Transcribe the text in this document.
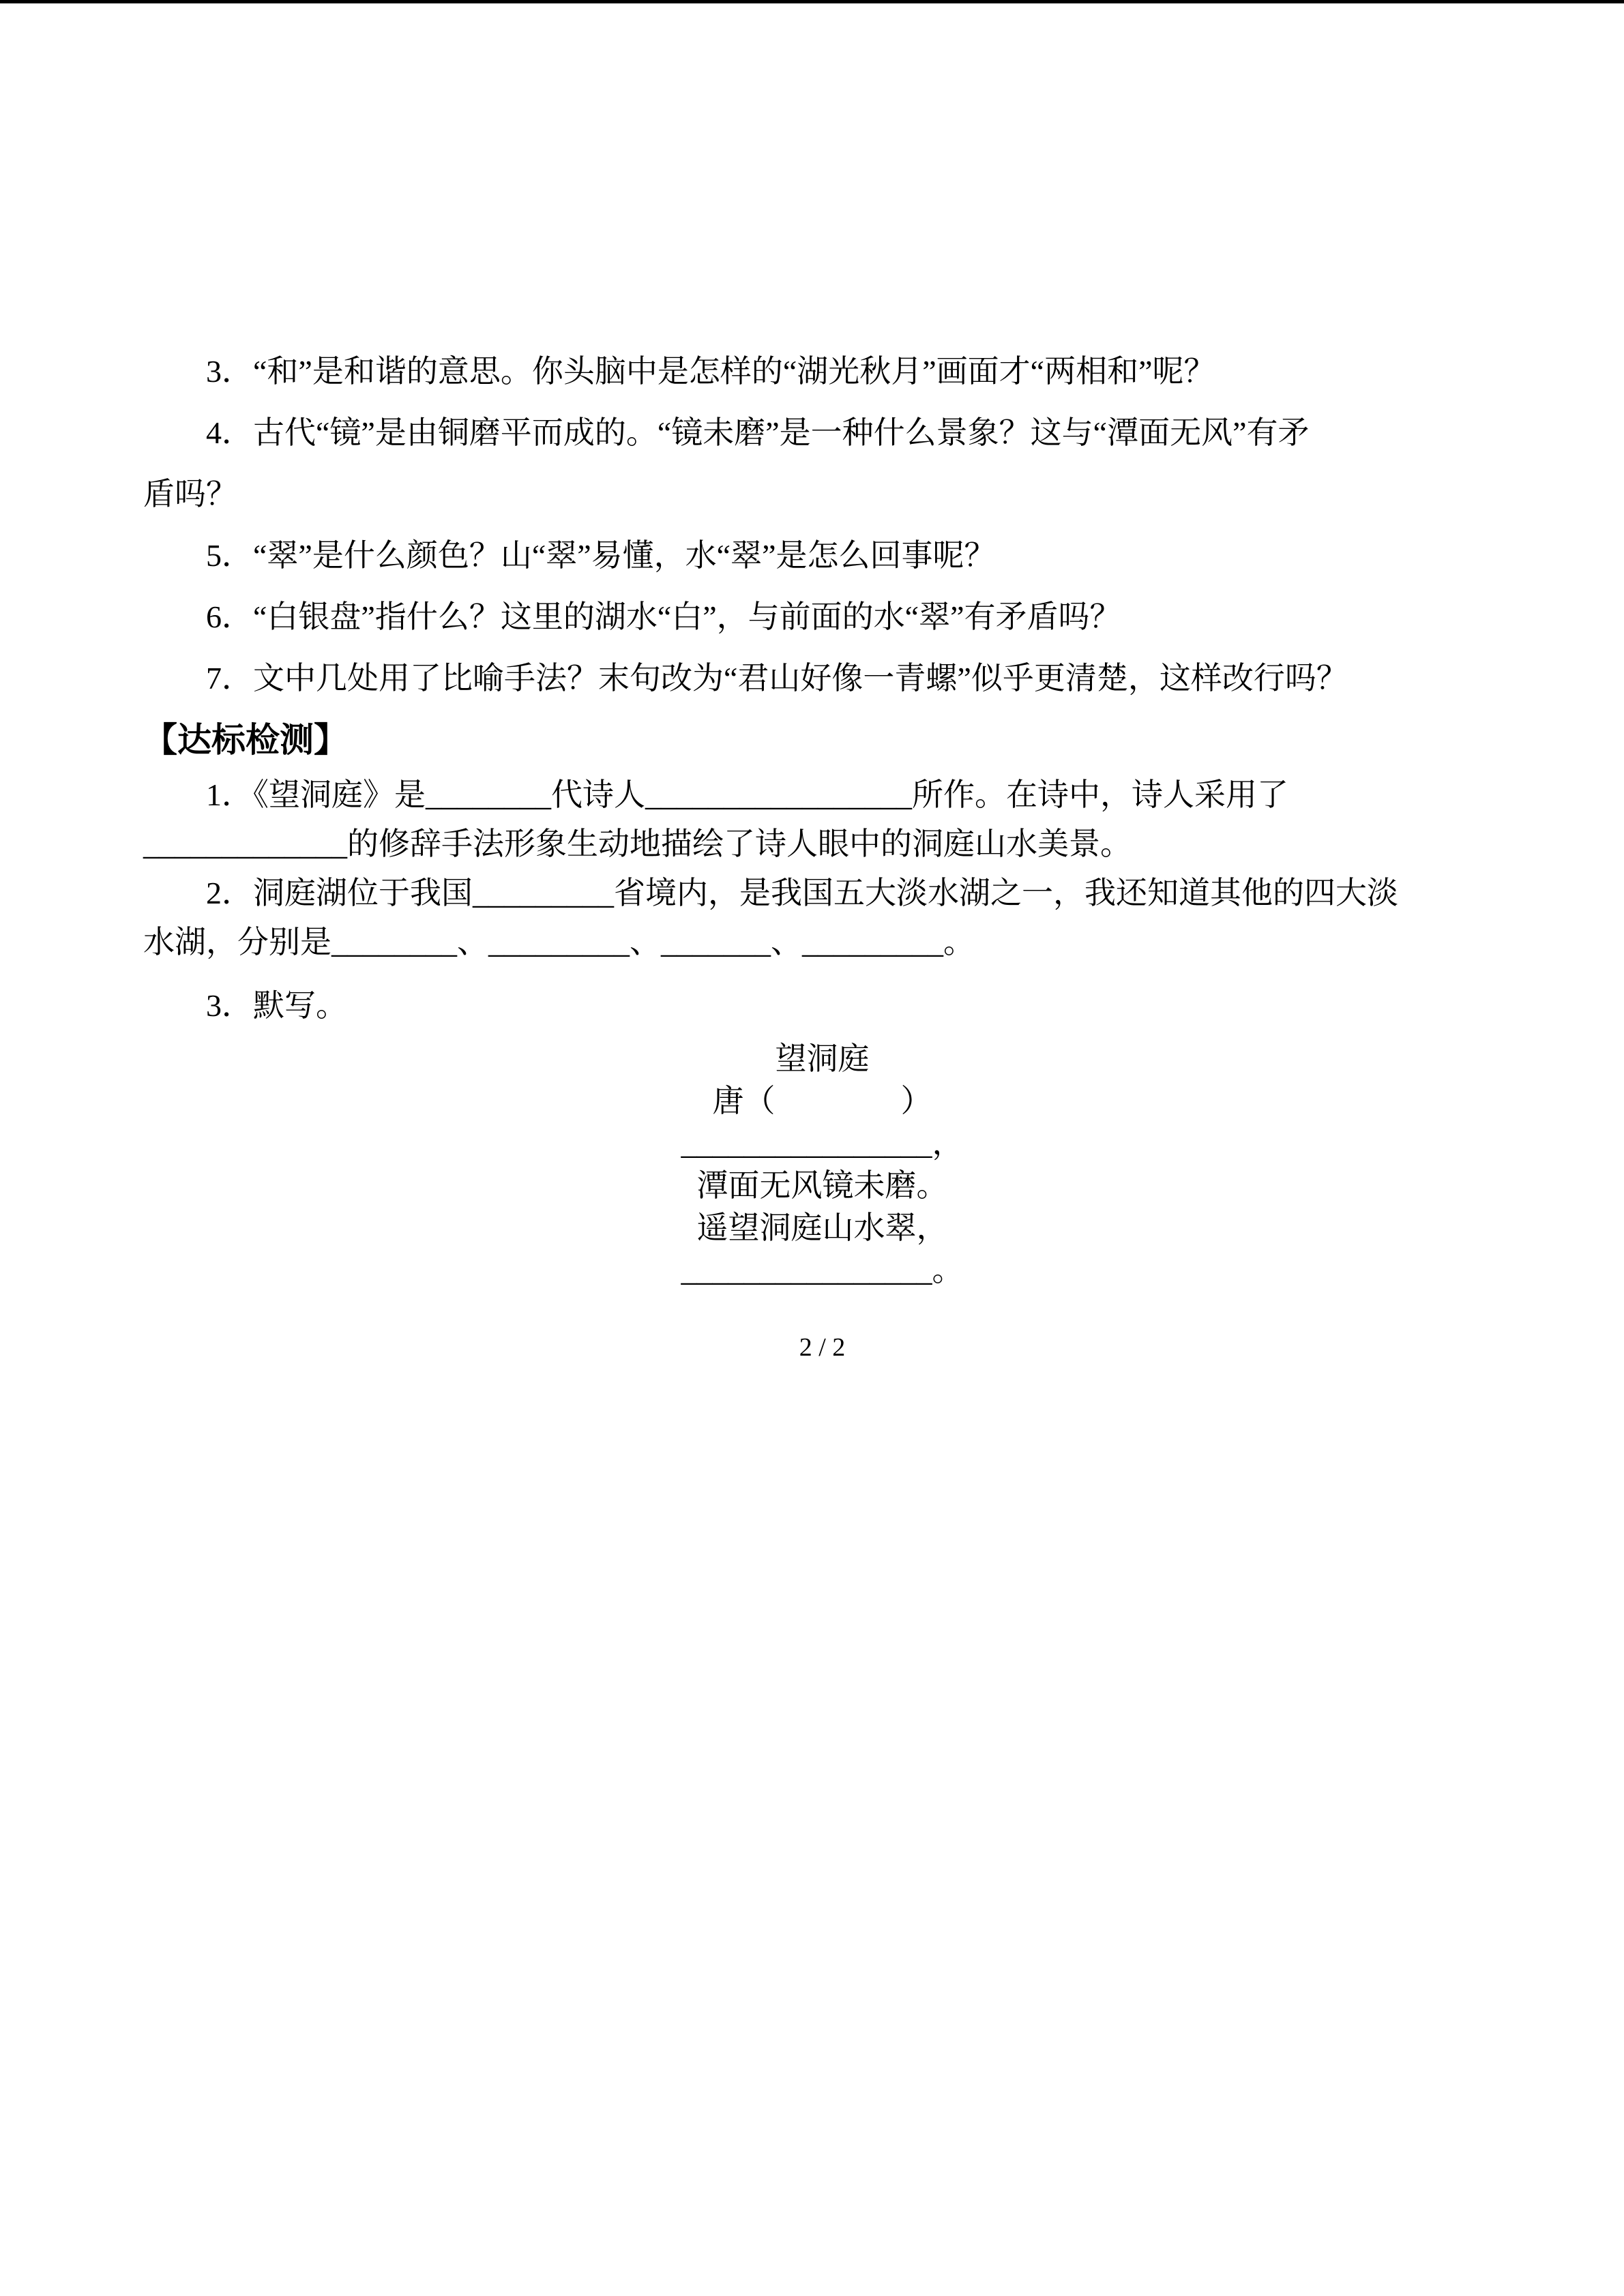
3．“和”是和谐的意思。你头脑中是怎样的“湖光秋月”画面才“两相和”呢？

4．古代“镜”是由铜磨平而成的。“镜未磨”是一种什么景象？这与“潭面无风”有矛

盾吗？

5．“翠”是什么颜色？山“翠”易懂，水“翠”是怎么回事呢？

6．“白银盘”指什么？这里的湖水“白”，与前面的水“翠”有矛盾吗？

7．文中几处用了比喻手法？末句改为“君山好像一青螺”似乎更清楚，这样改行吗？

【达标检测】

1．《望洞庭》是________代诗人_________________所作。在诗中，诗人采用了

_____________的修辞手法形象生动地描绘了诗人眼中的洞庭山水美景。

2．洞庭湖位于我国_________省境内，是我国五大淡水湖之一，我还知道其他的四大淡

水湖，分别是________、_________、_______、_________。

3．默写。

望洞庭

唐（　　　　）

________________，

潭面无风镜未磨。

遥望洞庭山水翠，

________________。

2 / 2
